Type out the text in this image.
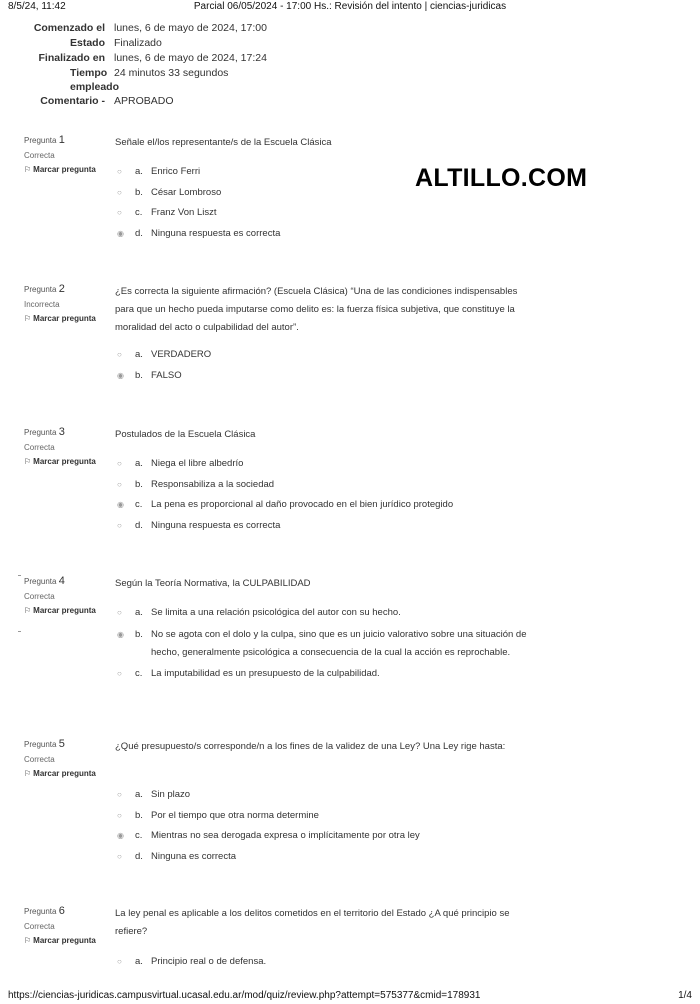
8/5/24, 11:42	Parcial 06/05/2024 - 17:00 Hs.: Revisión del intento | ciencias-juridicas
Comenzado el lunes, 6 de mayo de 2024, 17:00
Estado Finalizado
Finalizado en lunes, 6 de mayo de 2024, 17:24
Tiempo empleado
24 minutos 33 segundos
Comentario - APROBADO
ALTILLO.COM
Pregunta 1
Correcta
⚐ Marcar pregunta
Señale el/los representante/s de la Escuela Clásica
○	a. Enrico Ferri
○	b. César Lombroso
○	c. Franz Von Liszt
◉	d. Ninguna respuesta es correcta
Pregunta 2
Incorrecta
⚐ Marcar pregunta
¿Es correcta la siguiente afirmación? (Escuela Clásica) “Una de las condiciones indispensables para que un hecho pueda imputarse como delito es: la fuerza física subjetiva, que constituye la moralidad del acto o culpabilidad del autor”.
○	a. VERDADERO
◉	b. FALSO
Pregunta 3
Correcta
⚐ Marcar pregunta
Postulados de la Escuela Clásica
○	a. Niega el libre albedrío
○	b. Responsabiliza a la sociedad
◉	c. La pena es proporcional al daño provocado en el bien jurídico protegido
○	d. Ninguna respuesta es correcta
Pregunta 4
Correcta
⚐ Marcar pregunta
Según la Teoría Normativa, la CULPABILIDAD
○	a. Se limita a una relación psicológica del autor con su hecho.
◉	b. No se agota con el dolo y la culpa, sino que es un juicio valorativo sobre una situación de hecho, generalmente psicológica a consecuencia de la cual la acción es reprochable.
○	c. La imputabilidad es un presupuesto de la culpabilidad.
Pregunta 5
Correcta
⚐ Marcar pregunta
¿Qué presupuesto/s corresponde/n a los fines de la validez de una Ley? Una Ley rige hasta:
○	a. Sin plazo
○	b. Por el tiempo que otra norma determine
◉	c. Mientras no sea derogada expresa o implícitamente por otra ley
○	d. Ninguna es correcta
Pregunta 6
Correcta
⚐ Marcar pregunta
La ley penal es aplicable a los delitos cometidos en el territorio del Estado ¿A qué principio se refiere?
○	a. Principio real o de defensa.
https://ciencias-juridicas.campusvirtual.ucasal.edu.ar/mod/quiz/review.php?attempt=575377&cmid=178931	1/4
